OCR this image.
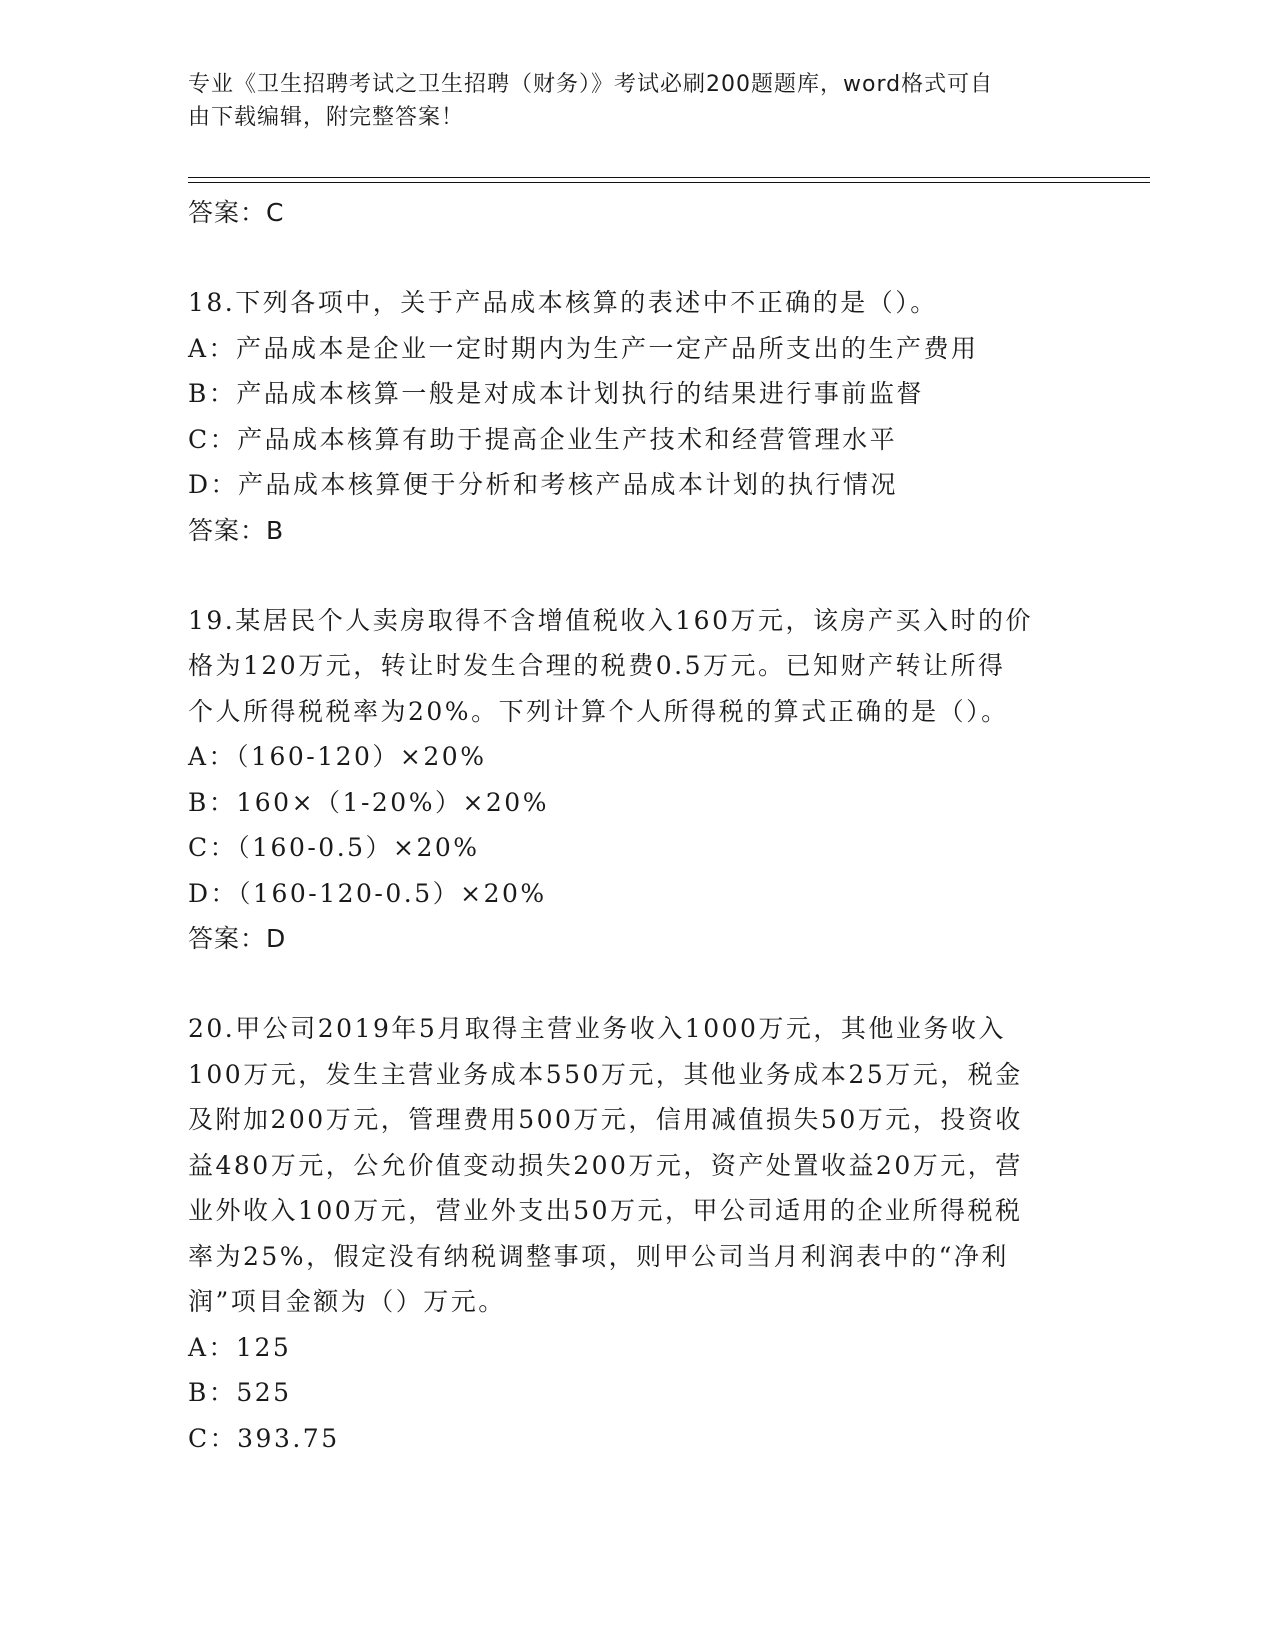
专业《卫生招聘考试之卫生招聘（财务）》考试必刷200题题库，word格式可自
由下载编辑，附完整答案！
答案：C
18.下列各项中，关于产品成本核算的表述中不正确的是（）。
A：产品成本是企业一定时期内为生产一定产品所支出的生产费用
B：产品成本核算一般是对成本计划执行的结果进行事前监督
C：产品成本核算有助于提高企业生产技术和经营管理水平
D：产品成本核算便于分析和考核产品成本计划的执行情况
答案：B
19.某居民个人卖房取得不含增值税收入160万元，该房产买入时的价
格为120万元，转让时发生合理的税费0.5万元。已知财产转让所得
个人所得税税率为20%。下列计算个人所得税的算式正确的是（）。
A：（160-120）×20%
B：160×（1-20%）×20%
C：（160-0.5）×20%
D：（160-120-0.5）×20%
答案：D
20.甲公司2019年5月取得主营业务收入1000万元，其他业务收入
100万元，发生主营业务成本550万元，其他业务成本25万元，税金
及附加200万元，管理费用500万元，信用减值损失50万元，投资收
益480万元，公允价值变动损失200万元，资产处置收益20万元，营
业外收入100万元，营业外支出50万元，甲公司适用的企业所得税税
率为25%，假定没有纳税调整事项，则甲公司当月利润表中的“净利
润”项目金额为（）万元。
A：125
B：525
C：393.75
